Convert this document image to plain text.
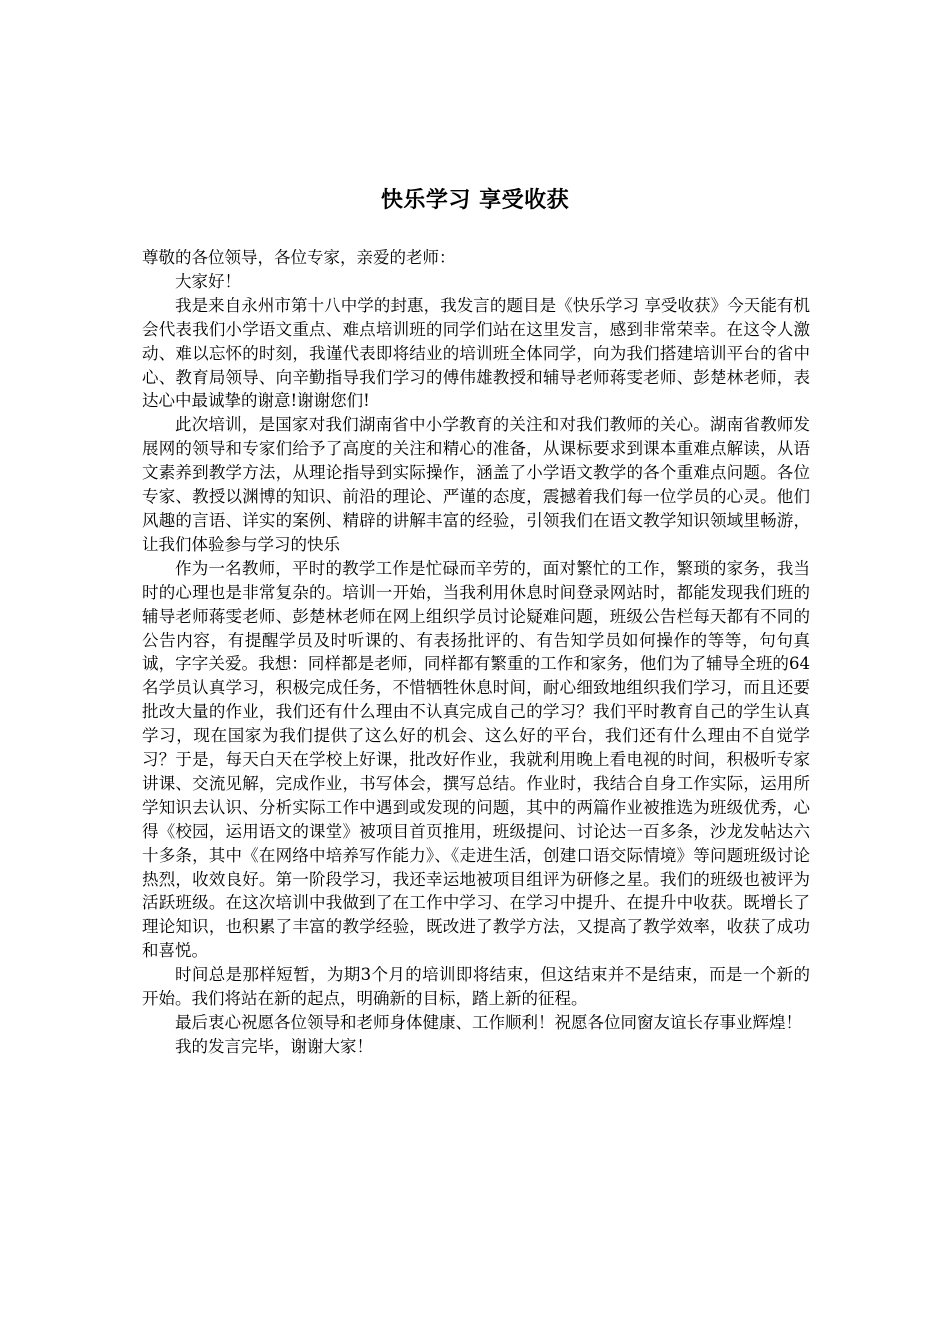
快乐学习 享受收获

尊敬的各位领导，各位专家，亲爱的老师：

大家好！

我是来自永州市第十八中学的封惠，我发言的题目是《快乐学习 享受收获》今天能有机会代表我们小学语文重点、难点培训班的同学们站在这里发言，感到非常荣幸。在这令人激动、难以忘怀的时刻，我谨代表即将结业的培训班全体同学，向为我们搭建培训平台的省中心、教育局领导、向辛勤指导我们学习的傅伟雄教授和辅导老师蒋雯老师、彭楚林老师，表达心中最诚挚的谢意!谢谢您们!

此次培训，是国家对我们湖南省中小学教育的关注和对我们教师的关心。湖南省教师发展网的领导和专家们给予了高度的关注和精心的准备，从课标要求到课本重难点解读，从语文素养到教学方法，从理论指导到实际操作，涵盖了小学语文教学的各个重难点问题。各位专家、教授以渊博的知识、前沿的理论、严谨的态度，震撼着我们每一位学员的心灵。他们风趣的言语、详实的案例、精辟的讲解丰富的经验，引领我们在语文教学知识领域里畅游，让我们体验参与学习的快乐

作为一名教师，平时的教学工作是忙碌而辛劳的，面对繁忙的工作，繁琐的家务，我当时的心理也是非常复杂的。培训一开始，当我利用休息时间登录网站时，都能发现我们班的辅导老师蒋雯老师、彭楚林老师在网上组织学员讨论疑难问题，班级公告栏每天都有不同的公告内容，有提醒学员及时听课的、有表扬批评的、有告知学员如何操作的等等，句句真诚，字字关爱。我想：同样都是老师，同样都有繁重的工作和家务，他们为了辅导全班的64名学员认真学习，积极完成任务，不惜牺牲休息时间，耐心细致地组织我们学习，而且还要批改大量的作业，我们还有什么理由不认真完成自己的学习？我们平时教育自己的学生认真学习，现在国家为我们提供了这么好的机会、这么好的平台，我们还有什么理由不自觉学习？于是，每天白天在学校上好课，批改好作业，我就利用晚上看电视的时间，积极听专家讲课、交流见解，完成作业，书写体会，撰写总结。作业时，我结合自身工作实际，运用所学知识去认识、分析实际工作中遇到或发现的问题，其中的两篇作业被推选为班级优秀，心得《校园，运用语文的课堂》被项目首页推用，班级提问、讨论达一百多条，沙龙发帖达六十多条，其中《在网络中培养写作能力》、《走进生活，创建口语交际情境》等问题班级讨论热烈，收效良好。第一阶段学习，我还幸运地被项目组评为研修之星。我们的班级也被评为活跃班级。在这次培训中我做到了在工作中学习、在学习中提升、在提升中收获。既增长了理论知识，也积累了丰富的教学经验，既改进了教学方法，又提高了教学效率，收获了成功和喜悦。

时间总是那样短暂，为期3个月的培训即将结束，但这结束并不是结束，而是一个新的开始。我们将站在新的起点，明确新的目标，踏上新的征程。

最后衷心祝愿各位领导和老师身体健康、工作顺利！祝愿各位同窗友谊长存事业辉煌！

我的发言完毕，谢谢大家！
